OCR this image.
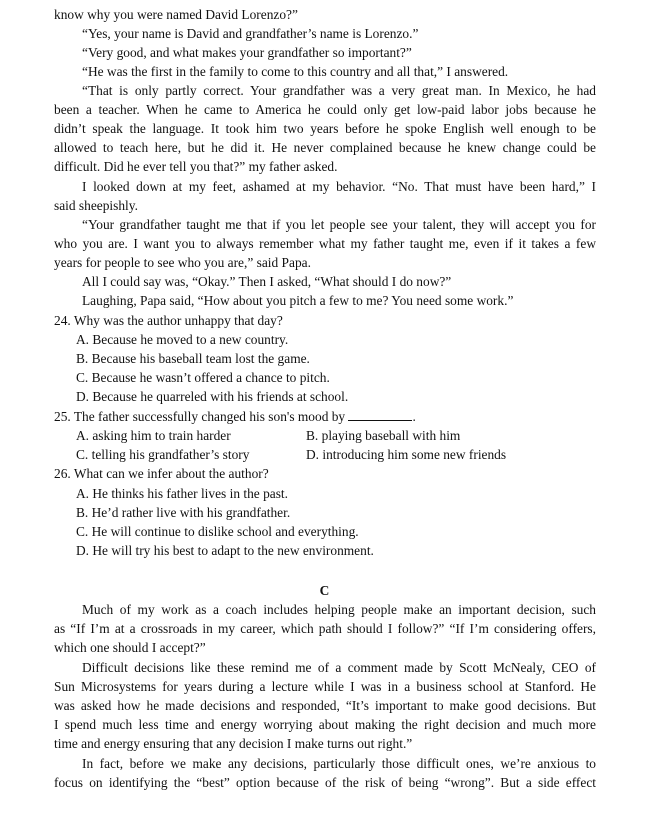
know why you were named David Lorenzo?”
“Yes, your name is David and grandfather’s name is Lorenzo.”
“Very good, and what makes your grandfather so important?”
“He was the first in the family to come to this country and all that,” I answered.
“That is only partly correct. Your grandfather was a very great man. In Mexico, he had
been a teacher. When he came to America he could only get low-paid labor jobs because he
didn’t speak the language. It took him two years before he spoke English well enough to be
allowed to teach here, but he did it. He never complained because he knew change could be
difficult. Did he ever tell you that?” my father asked.
I looked down at my feet, ashamed at my behavior. “No. That must have been hard,” I
said sheepishly.
“Your grandfather taught me that if you let people see your talent, they will accept you for
who you are. I want you to always remember what my father taught me, even if it takes a few
years for people to see who you are,” said Papa.
All I could say was, “Okay.” Then I asked, “What should I do now?”
Laughing, Papa said, “How about you pitch a few to me? You need some work.”
24. Why was the author unhappy that day?
A. Because he moved to a new country.
B. Because his baseball team lost the game.
C. Because he wasn’t offered a chance to pitch.
D. Because he quarreled with his friends at school.
25. The father successfully changed his son's mood by	.
A. asking him to train harder	B. playing baseball with him
C. telling his grandfather’s story	D. introducing him some new friends
26. What can we infer about the author?
A. He thinks his father lives in the past.
B. He’d rather live with his grandfather.
C. He will continue to dislike school and everything.
D. He will try his best to adapt to the new environment.
C
Much of my work as a coach includes helping people make an important decision, such
as “If I’m at a crossroads in my career, which path should I follow?” “If I’m considering offers,
which one should I accept?”
Difficult decisions like these remind me of a comment made by Scott McNealy, CEO of
Sun Microsystems for years during a lecture while I was in a business school at Stanford. He
was asked how he made decisions and responded, “It’s important to make good decisions. But
I spend much less time and energy worrying about making the right decision and much more
time and energy ensuring that any decision I make turns out right.”
In fact, before we make any decisions, particularly those difficult ones, we’re anxious to
focus on identifying the “best” option because of the risk of being “wrong”. But a side effect
